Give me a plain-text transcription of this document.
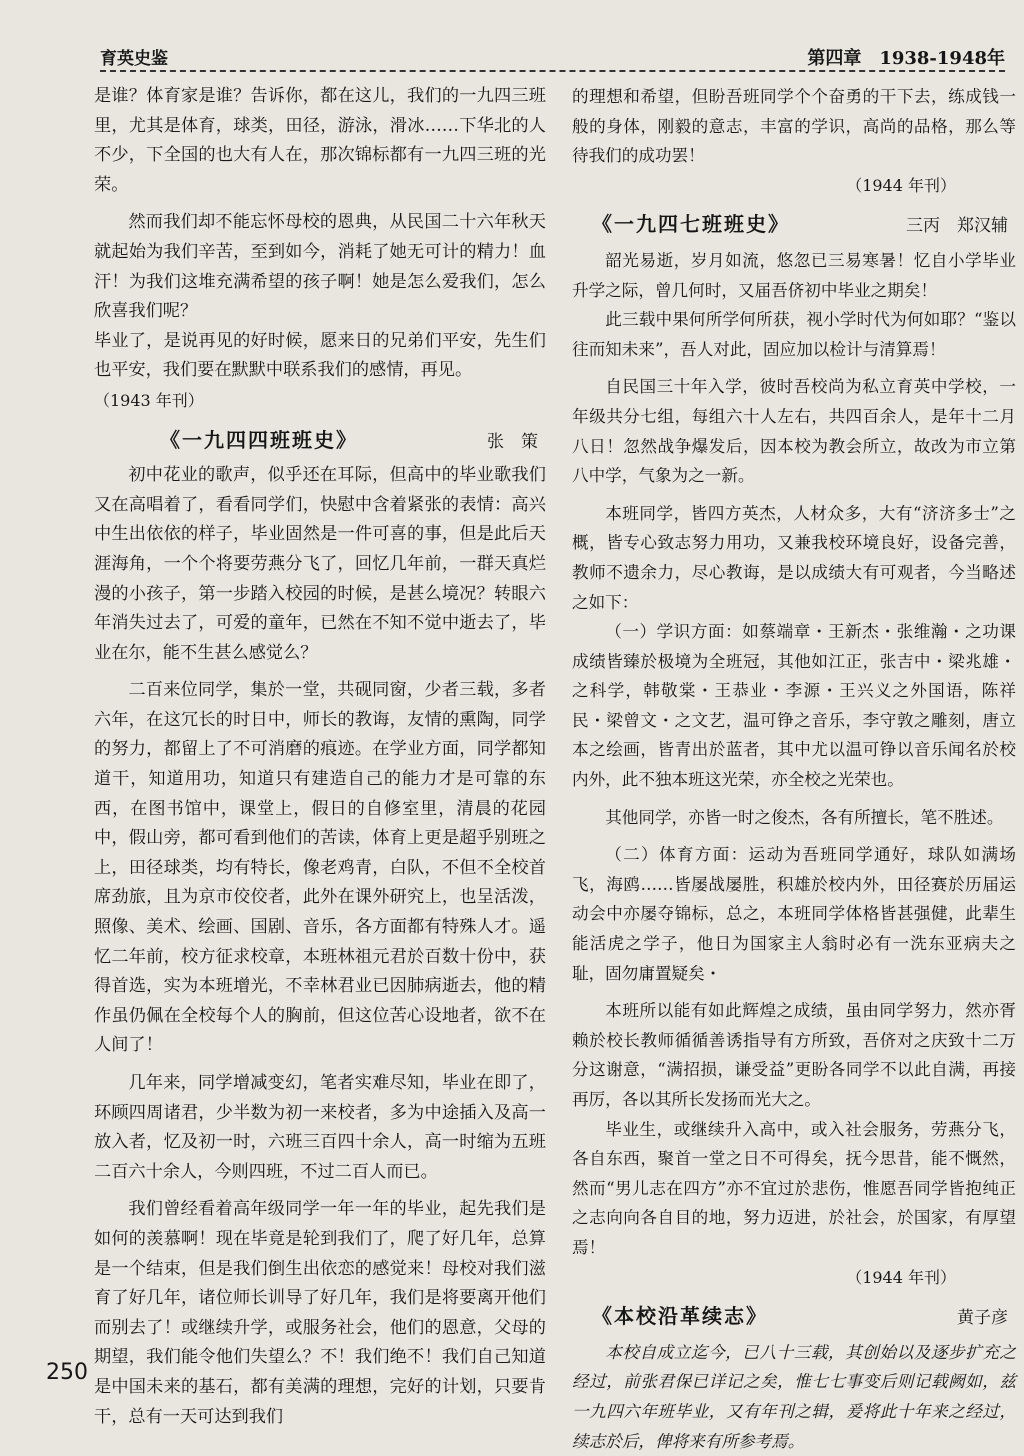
育英史鉴	第四章　1938-1948年

是谁？体育家是谁？告诉你，都在这儿，我们的一九四三班里，尤其是体育，球类，田径，游泳，滑冰……下华北的人不少，下全国的也大有人在，那次锦标都有一九四三班的光荣。

然而我们却不能忘怀母校的恩典，从民国二十六年秋天就起始为我们辛苦，至到如今，消耗了她无可计的精力！血汗！为我们这堆充满希望的孩子啊！她是怎么爱我们，怎么欣喜我们呢？

毕业了，是说再见的好时候，愿来日的兄弟们平安，先生们也平安，我们要在默默中联系我们的感情，再见。

（1943 年刊）

《一九四四班班史》	张　策

初中花业的歌声，似乎还在耳际，但高中的毕业歌我们又在高唱着了，看看同学们，快慰中含着紧张的表情：高兴中生出依依的样子，毕业固然是一件可喜的事，但是此后天涯海角，一个个将要劳燕分飞了，回忆几年前，一群天真烂漫的小孩子，第一步踏入校园的时候，是甚么境况？转眼六年消失过去了，可爱的童年，已然在不知不觉中逝去了，毕业在尔，能不生甚么感觉么？

二百来位同学，集於一堂，共砚同窗，少者三载，多者六年，在这冗长的时日中，师长的教诲，友情的熏陶，同学的努力，都留上了不可消磨的痕迹。在学业方面，同学都知道干，知道用功，知道只有建造自己的能力才是可靠的东西，在图书馆中，课堂上，假日的自修室里，清晨的花园中，假山旁，都可看到他们的苦读，体育上更是超乎别班之上，田径球类，均有特长，像老鸡青，白队，不但不全校首席劲旅，且为京市佼佼者，此外在课外研究上，也呈活泼，照像、美术、绘画、国剧、音乐，各方面都有特殊人才。遥忆二年前，校方征求校章，本班林祖元君於百数十份中，获得首选，实为本班增光，不幸林君业已因肺病逝去，他的精作虽仍佩在全校每个人的胸前，但这位苦心设地者，欲不在人间了！

几年来，同学增减变幻，笔者实难尽知，毕业在即了，环顾四周诸君，少半数为初一来校者，多为中途插入及高一放入者，忆及初一时，六班三百四十余人，高一时缩为五班二百六十余人，今则四班，不过二百人而已。

我们曾经看着高年级同学一年一年的毕业，起先我们是如何的羡慕啊！现在毕竟是轮到我们了，爬了好几年，总算是一个结束，但是我们倒生出依恋的感觉来！母校对我们滋育了好几年，诸位师长训导了好几年，我们是将要离开他们而别去了！或继续升学，或服务社会，他们的恩意，父母的期望，我们能令他们失望么？不！我们绝不！我们自己知道是中国未来的基石，都有美满的理想，完好的计划，只要肯干，总有一天可达到我们

的理想和希望，但盼吾班同学个个奋勇的干下去，练成钱一般的身体，刚毅的意志，丰富的学识，高尚的品格，那么等待我们的成功罢！

（1944 年刊）

《一九四七班班史》	三丙　郑汉辅

韶光易逝，岁月如流，悠忽已三易寒暑！忆自小学毕业升学之际，曾几何时，又届吾侪初中毕业之期矣！

此三载中果何所学何所获，视小学时代为何如耶？“鉴以往而知未来”，吾人对此，固应加以检计与清算焉！

自民国三十年入学，彼时吾校尚为私立育英中学校，一年级共分七组，每组六十人左右，共四百余人，是年十二月八日！忽然战争爆发后，因本校为教会所立，故改为市立第八中学，气象为之一新。

本班同学，皆四方英杰，人材众多，大有“济济多士”之概，皆专心致志努力用功，又兼我校环境良好，设备完善，教师不遗余力，尽心教诲，是以成绩大有可观者，今当略述之如下：

（一）学识方面：如蔡端章・王新杰・张维瀚・之功课成绩皆臻於极境为全班冠，其他如江正，张吉中・梁兆雄・之科学，韩敬棠・王恭业・李源・王兴义之外国语，陈祥民・梁曾文・之文艺，温可铮之音乐，李守敦之雕刻，唐立本之绘画，皆青出於蓝者，其中尤以温可铮以音乐闻名於校内外，此不独本班这光荣，亦全校之光荣也。

其他同学，亦皆一时之俊杰，各有所擅长，笔不胜述。

（二）体育方面：运动为吾班同学通好，球队如满场飞，海鸥……皆屡战屡胜，积雄於校内外，田径赛於历届运动会中亦屡夺锦标，总之，本班同学体格皆甚强健，此辈生能活虎之学子，他日为国家主人翁时必有一洗东亚病夫之耻，固勿庸置疑矣・

本班所以能有如此辉煌之成绩，虽由同学努力，然亦胥赖於校长教师循循善诱指导有方所致，吾侪对之庆致十二万分这谢意，“满招损，谦受益”更盼各同学不以此自满，再接再厉，各以其所长发扬而光大之。

毕业生，或继续升入高中，或入社会服务，劳燕分飞，各自东西，聚首一堂之日不可得矣，抚今思昔，能不慨然，然而“男儿志在四方”亦不宜过於悲伤，惟愿吾同学皆抱纯正之志向向各自目的地，努力迈进，於社会，於国家，有厚望焉！

（1944 年刊）

《本校沿革续志》	黄子彦

本校自成立迄今，已八十三载，其创始以及逐步扩充之经过，前张君保已详记之矣，惟七七事变后则记载阙如，兹一九四六年班毕业，又有年刊之辑，爰将此十年来之经过，续志於后，俾将来有所参考焉。

250
